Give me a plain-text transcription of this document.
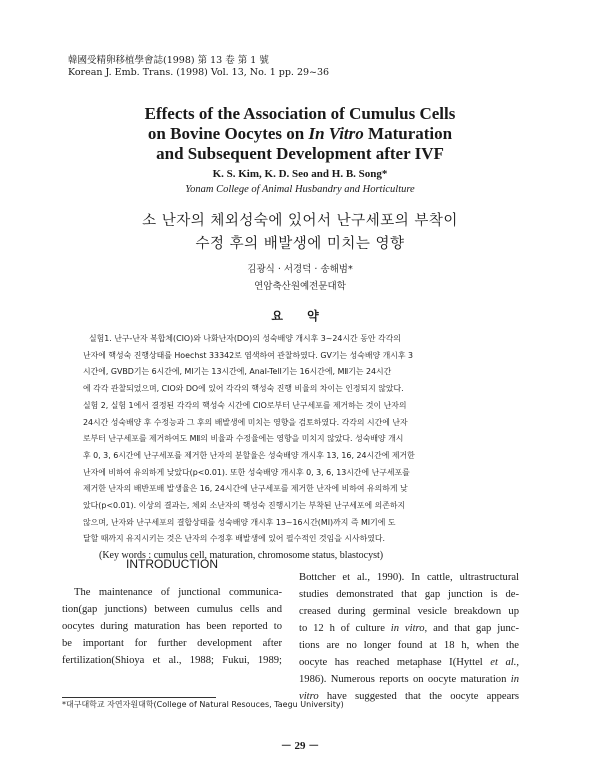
韓國受精卵移植學會誌(1998) 第 13 卷 第 1 號
Korean J. Emb. Trans. (1998) Vol. 13, No. 1 pp. 29~36
Effects of the Association of Cumulus Cells
on Bovine Oocytes on In Vitro Maturation
and Subsequent Development after IVF
K. S. Kim, K. D. Seo and H. B. Song*
Yonam College of Animal Husbandry and Horticulture
소 난자의 체외성숙에 있어서 난구세포의 부착이
수정 후의 배발생에 미치는 영향
김광식 · 서경덕 · 송해범*
연암축산원예전문대학
요 약
실험1. 난구-난자 복합체(CIO)와 나화난자(DO)의 성숙배양 개시후 3~24시간 동안 각각의
난자에 핵성숙 진행상태를 Hoechst 33342로 염색하여 관찰하였다. GV기는 성숙배양 개시후 3
시간에, GVBD기는 6시간에, MⅠ기는 13시간에, AnaⅠ-TelⅠ기는 16시간에, MⅡ기는 24시간
에 각각 관찰되었으며, CIO와 DO에 있어 각각의 핵성숙 진행 비율의 차이는 인정되지 않았다.
실험 2, 실험 1에서 결정된 각각의 핵성숙 시간에 CIO로부터 난구세포를 제거하는 것이 난자의
24시간 성숙배양 후 수정능과 그 후의 배발생에 미치는 영향을 검토하였다. 각각의 시간에 난자
로부터 난구세포를 제거하여도 MⅡ의 비율과 수정율에는 영향을 미치지 않았다. 성숙배양 개시
후 0, 3, 6시간에 난구세포를 제거한 난자의 분할율은 성숙배양 개시후 13, 16, 24시간에 제거한
난자에 비하여 유의하게 낮았다(p<0.01). 또한 성숙배양 개시후 0, 3, 6, 13시간에 난구세포를
제거한 난자의 배반포배 발생율은 16, 24시간에 난구세포를 제거한 난자에 비하여 유의하게 낮
았다(p<0.01). 이상의 결과는, 체외 소난자의 핵성숙 진행시기는 부착된 난구세포에 의존하지
않으며, 난자와 난구세포의 결합상태를 성숙배양 개시후 13~16시간(MⅠ)까지 즉 MⅠ기에 도
달할 때까지 유지시키는 것은 난자의 수정후 배발생에 있어 필수적인 것임을 시사하였다.
(Key words : cumulus cell, maturation, chromosome status, blastocyst)
INTRODUCTION
The maintenance of junctional communica-
tion(gap junctions) between cumulus cells and
oocytes during maturation has been reported to
be important for further development after
fertilization(Shioya et al., 1988; Fukui, 1989;
Bottcher et al., 1990). In cattle, ultrastructural
studies demonstrated that gap junction is de-
creased during germinal vesicle breakdown up
to 12 h of culture in vitro, and that gap junc-
tions are no longer found at 18 h, when the
oocyte has reached metaphase I(Hyttel et al.,
1986). Numerous reports on oocyte maturation in
vitro have suggested that the oocyte appears
*대구대학교 자연자원대학(College of Natural Resouces, Taegu University)
－ 29 －
